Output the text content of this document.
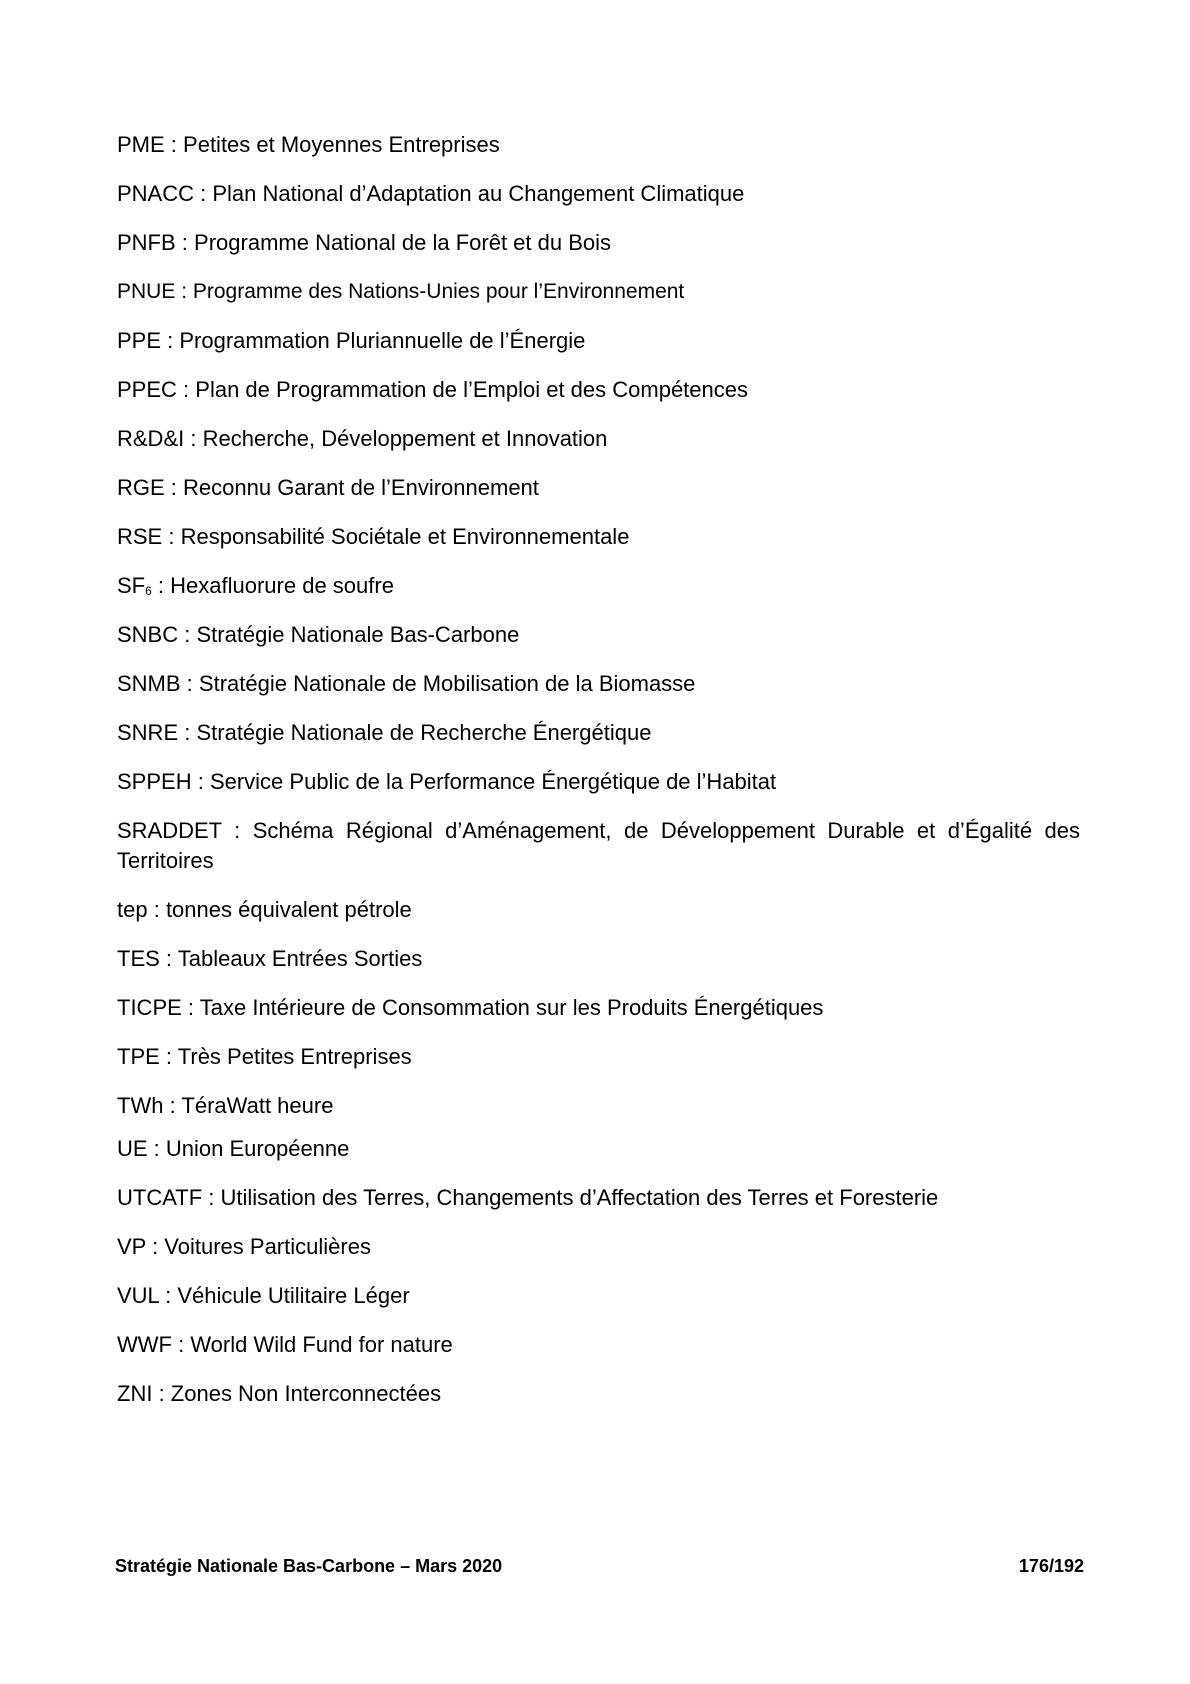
PME : Petites et Moyennes Entreprises
PNACC : Plan National d’Adaptation au Changement Climatique
PNFB : Programme National de la Forêt et du Bois
PNUE : Programme des Nations-Unies pour l’Environnement
PPE : Programmation Pluriannuelle de l’Énergie
PPEC : Plan de Programmation de l’Emploi et des Compétences
R&D&I : Recherche, Développement et Innovation
RGE : Reconnu Garant de l’Environnement
RSE : Responsabilité Sociétale et Environnementale
$SF_6$ : Hexafluorure de soufre
SNBC : Stratégie Nationale Bas-Carbone
SNMB : Stratégie Nationale de Mobilisation de la Biomasse
SNRE : Stratégie Nationale de Recherche Énergétique
SPPEH : Service Public de la Performance Énergétique de l’Habitat
SRADDET : Schéma Régional d’Aménagement, de Développement Durable et d’Égalité des Territoires
tep : tonnes équivalent pétrole
TES : Tableaux Entrées Sorties
TICPE : Taxe Intérieure de Consommation sur les Produits Énergétiques
TPE : Très Petites Entreprises
TWh : TéraWatt heure
UE : Union Européenne
UTCATF : Utilisation des Terres, Changements d’Affectation des Terres et Foresterie
VP : Voitures Particulières
VUL : Véhicule Utilitaire Léger
WWF : World Wild Fund for nature
ZNI : Zones Non Interconnectées
Stratégie Nationale Bas-Carbone – Mars 2020	176/192
